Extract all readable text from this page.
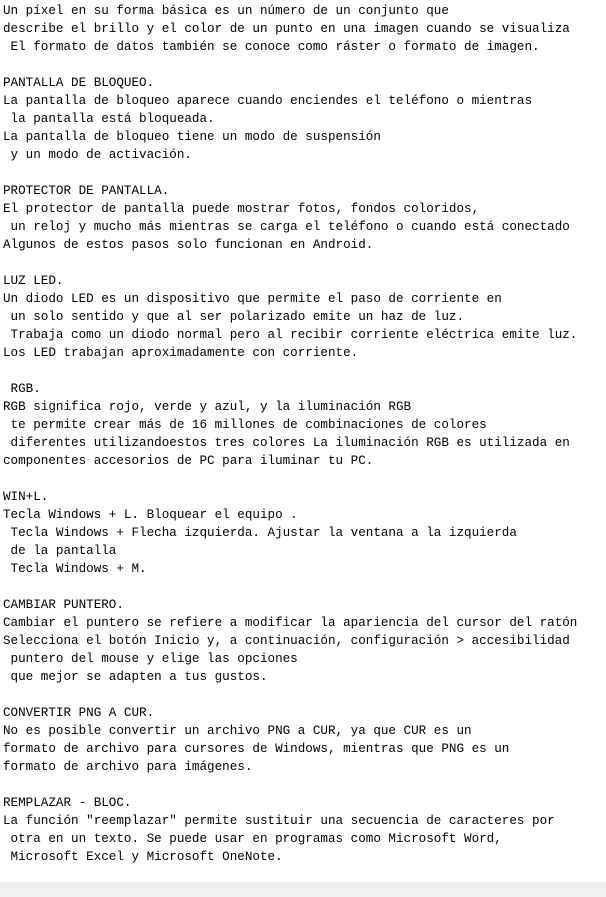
Un píxel en su forma básica es un número de un conjunto que
describe el brillo y el color de un punto en una imagen cuando se visualiza
El formato de datos también se conoce como ráster o formato de imagen.
PANTALLA DE BLOQUEO.
La pantalla de bloqueo aparece cuando enciendes el teléfono o mientras
la pantalla está bloqueada.
La pantalla de bloqueo tiene un modo de suspensión
y un modo de activación.
PROTECTOR DE PANTALLA.
El protector de pantalla puede mostrar fotos, fondos coloridos,
un reloj y mucho más mientras se carga el teléfono o cuando está conectado
Algunos de estos pasos solo funcionan en Android.
LUZ LED.
Un diodo LED es un dispositivo que permite el paso de corriente en
un solo sentido y que al ser polarizado emite un haz de luz.
Trabaja como un diodo normal pero al recibir corriente eléctrica emite luz.
Los LED trabajan aproximadamente con corriente.
RGB.
RGB significa rojo, verde y azul, y la iluminación RGB
te permite crear más de 16 millones de combinaciones de colores
diferentes utilizandoestos tres colores La iluminación RGB es utilizada en
componentes accesorios de PC para iluminar tu PC.
WIN+L.
Tecla Windows + L. Bloquear el equipo .
Tecla Windows + Flecha izquierda. Ajustar la ventana a la izquierda
de la pantalla
Tecla Windows + M.
CAMBIAR PUNTERO.
Cambiar el puntero se refiere a modificar la apariencia del cursor del ratón
Selecciona el botón Inicio y, a continuación, configuración > accesibilidad
puntero del mouse y elige las opciones
que mejor se adapten a tus gustos.
CONVERTIR PNG A CUR.
No es posible convertir un archivo PNG a CUR, ya que CUR es un
formato de archivo para cursores de Windows, mientras que PNG es un
formato de archivo para imágenes.
REMPLAZAR - BLOC.
La función "reemplazar" permite sustituir una secuencia de caracteres por
otra en un texto. Se puede usar en programas como Microsoft Word,
Microsoft Excel y Microsoft OneNote.
